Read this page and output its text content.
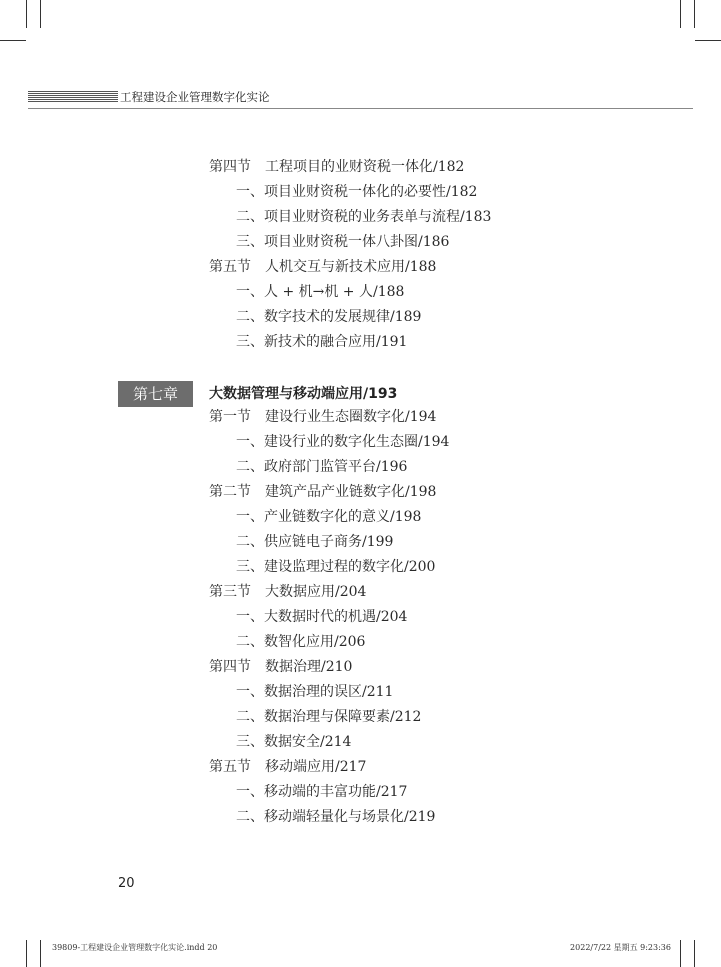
工程建设企业管理数字化实论
第四节 工程项目的业财资税一体化/182
一、项目业财资税一体化的必要性/182
二、项目业财资税的业务表单与流程/183
三、项目业财资税一体八卦图/186
第五节 人机交互与新技术应用/188
一、人 + 机→机 + 人/188
二、数字技术的发展规律/189
三、新技术的融合应用/191
第七章	大数据管理与移动端应用/193
第一节 建设行业生态圈数字化/194
一、建设行业的数字化生态圈/194
二、政府部门监管平台/196
第二节 建筑产品产业链数字化/198
一、产业链数字化的意义/198
二、供应链电子商务/199
三、建设监理过程的数字化/200
第三节 大数据应用/204
一、大数据时代的机遇/204
二、数智化应用/206
第四节 数据治理/210
一、数据治理的误区/211
二、数据治理与保障要素/212
三、数据安全/214
第五节 移动端应用/217
一、移动端的丰富功能/217
二、移动端轻量化与场景化/219
20
39809-工程建设企业管理数字化实论.indd 20	2022/7/22 星期五 9:23:36
